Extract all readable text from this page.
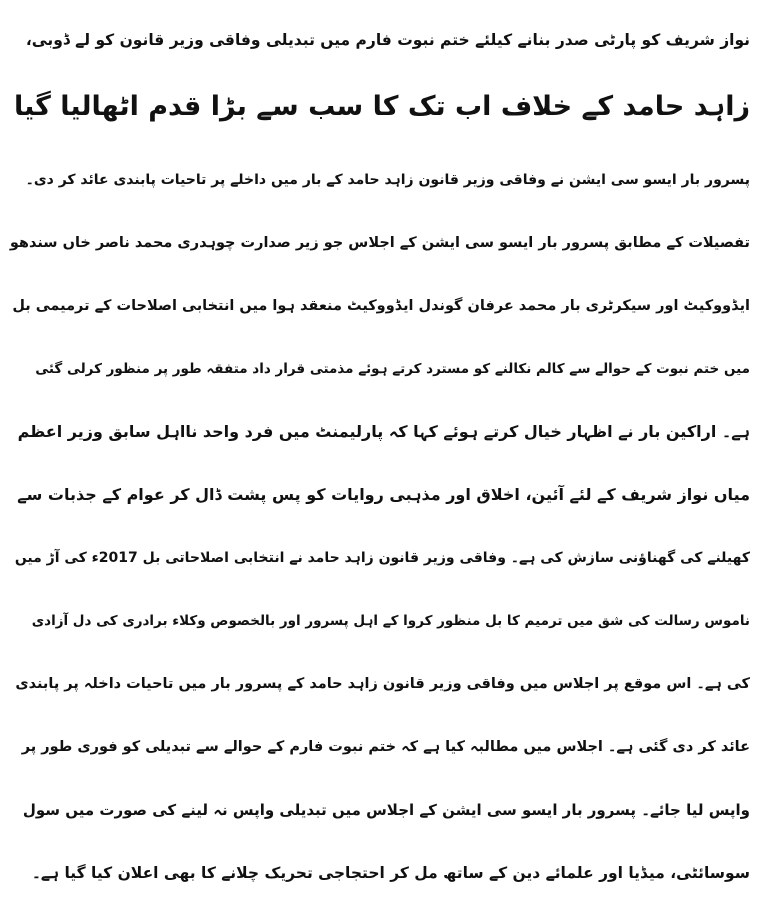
نواز شریف کو پارٹی صدر بنانے کیلئے ختم نبوت فارم میں تبدیلی وفاقی وزیر قانون کو لے ڈوبی،
زاہد حامد کے خلاف اب تک کا سب سے بڑا قدم اٹھالیا گیا
پسرور بار ایسو سی ایشن نے وفاقی وزیر قانون زاہد حامد کے بار میں داخلے پر تاحیات پابندی عائد کر دی۔
تفصیلات کے مطابق پسرور بار ایسو سی ایشن کے اجلاس جو زیر صدارت چوہدری محمد ناصر خاں سندھو
ایڈووکیٹ اور سیکرٹری بار محمد عرفان گوندل ایڈووکیٹ منعقد ہوا میں انتخابی اصلاحات کے ترمیمی بل
میں ختم نبوت کے حوالے سے کالم نکالنے کو مسترد کرتے ہوئے مذمتی قرار داد متفقہ طور پر منظور کرلی گئی
ہے۔ اراکین بار نے اظہار خیال کرتے ہوئے کہا کہ پارلیمنٹ میں فرد واحد نااہل سابق وزیر اعظم
میاں نواز شریف کے لئے آئین، اخلاق اور مذہبی روایات کو پس پشت ڈال کر عوام کے جذبات سے
کھیلنے کی گھناؤنی سازش کی ہے۔ وفاقی وزیر قانون زاہد حامد نے انتخابی اصلاحاتی بل 2017ء کی آڑ میں
ناموس رسالت کی شق میں ترمیم کا بل منظور کروا کے اہل پسرور اور بالخصوص وکلاء برادری کی دل آزادی
کی ہے۔ اس موقع پر اجلاس میں وفاقی وزیر قانون زاہد حامد کے پسرور بار میں تاحیات داخلہ پر پابندی
عائد کر دی گئی ہے۔ اجلاس میں مطالبہ کیا ہے کہ ختم نبوت فارم کے حوالے سے تبدیلی کو فوری طور پر
واپس لیا جائے۔ پسرور بار ایسو سی ایشن کے اجلاس میں تبدیلی واپس نہ لینے کی صورت میں سول
سوسائٹی، میڈیا اور علمائے دین کے ساتھ مل کر احتجاجی تحریک چلانے کا بھی اعلان کیا گیا ہے۔
